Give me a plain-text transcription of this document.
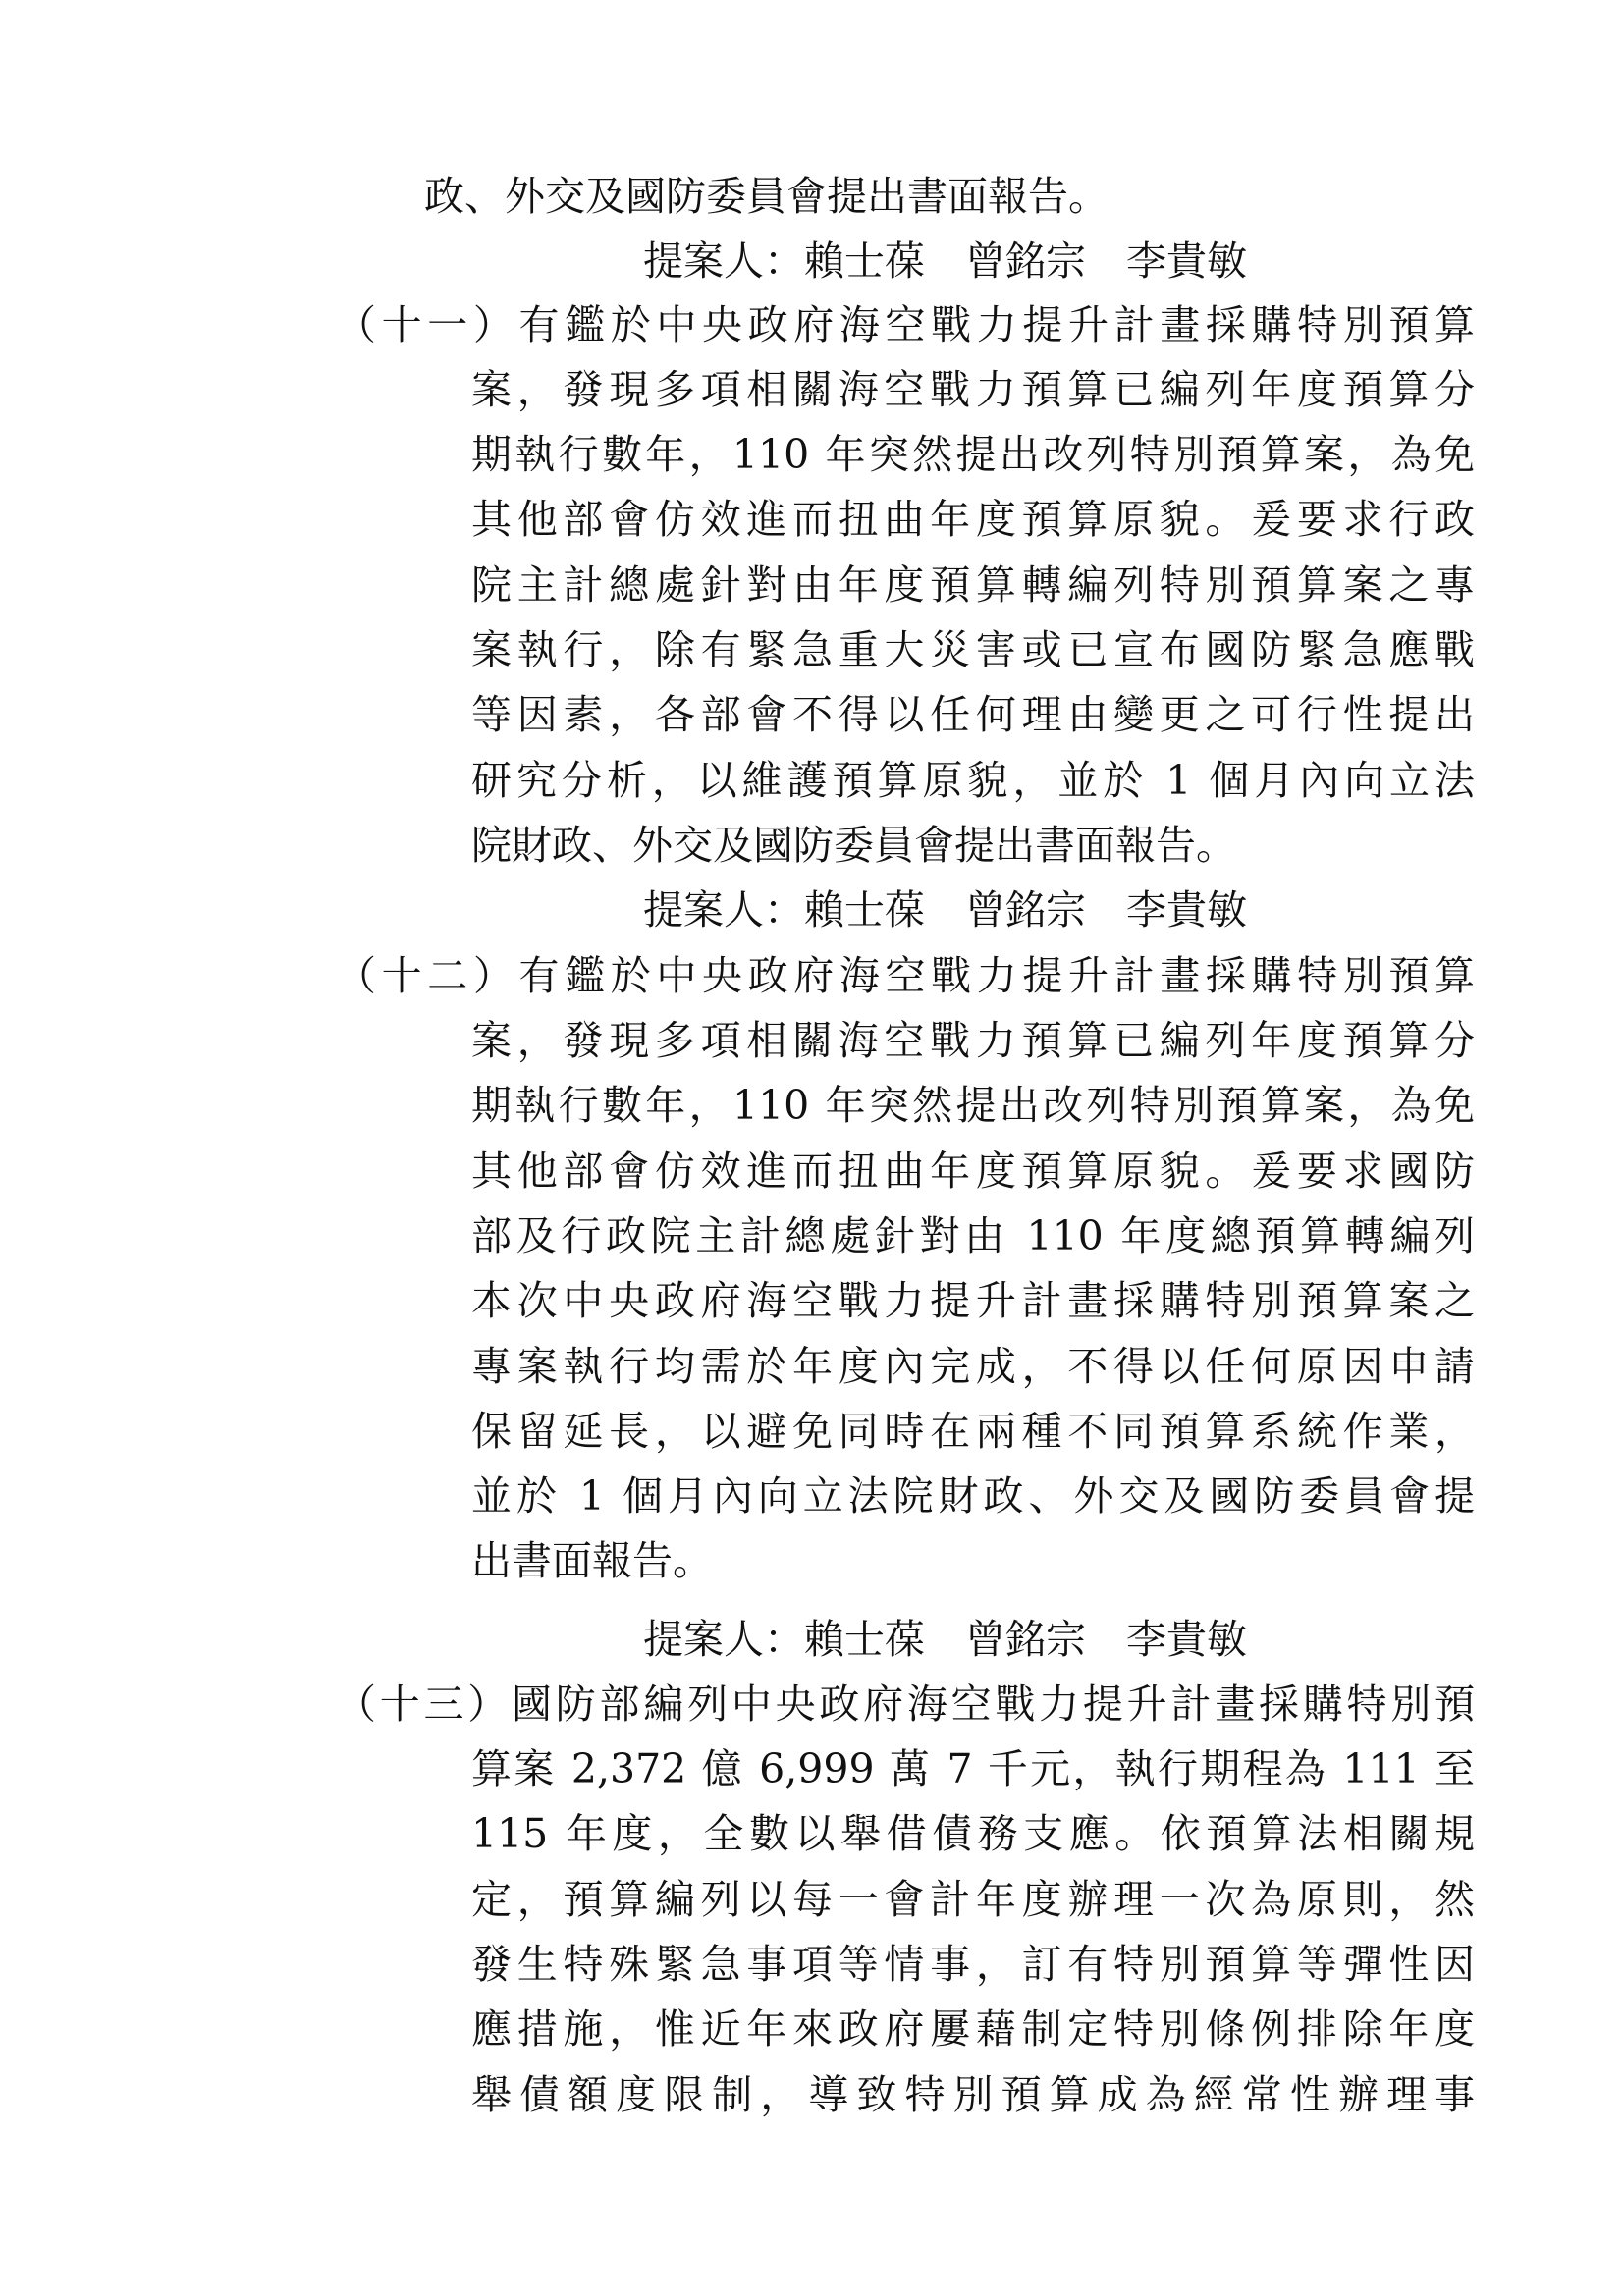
政、外交及國防委員會提出書面報告。
提案人：賴士葆　曾銘宗　李貴敏
（十一）有鑑於中央政府海空戰力提升計畫採購特別預算
案，發現多項相關海空戰力預算已編列年度預算分
期執行數年，110 年突然提出改列特別預算案，為免
其他部會仿效進而扭曲年度預算原貌。爰要求行政
院主計總處針對由年度預算轉編列特別預算案之專
案執行，除有緊急重大災害或已宣布國防緊急應戰
等因素，各部會不得以任何理由變更之可行性提出
研究分析，以維護預算原貌，並於 1 個月內向立法
院財政、外交及國防委員會提出書面報告。
提案人：賴士葆　曾銘宗　李貴敏
（十二）有鑑於中央政府海空戰力提升計畫採購特別預算
案，發現多項相關海空戰力預算已編列年度預算分
期執行數年，110 年突然提出改列特別預算案，為免
其他部會仿效進而扭曲年度預算原貌。爰要求國防
部及行政院主計總處針對由 110 年度總預算轉編列
本次中央政府海空戰力提升計畫採購特別預算案之
專案執行均需於年度內完成，不得以任何原因申請
保留延長，以避免同時在兩種不同預算系統作業，
並於 1 個月內向立法院財政、外交及國防委員會提
出書面報告。
提案人：賴士葆　曾銘宗　李貴敏
（十三）國防部編列中央政府海空戰力提升計畫採購特別預
算案 2,372 億 6,999 萬 7 千元，執行期程為 111 至
115 年度，全數以舉借債務支應。依預算法相關規
定，預算編列以每一會計年度辦理一次為原則，然
發生特殊緊急事項等情事，訂有特別預算等彈性因
應措施，惟近年來政府屢藉制定特別條例排除年度
舉債額度限制，導致特別預算成為經常性辦理事
